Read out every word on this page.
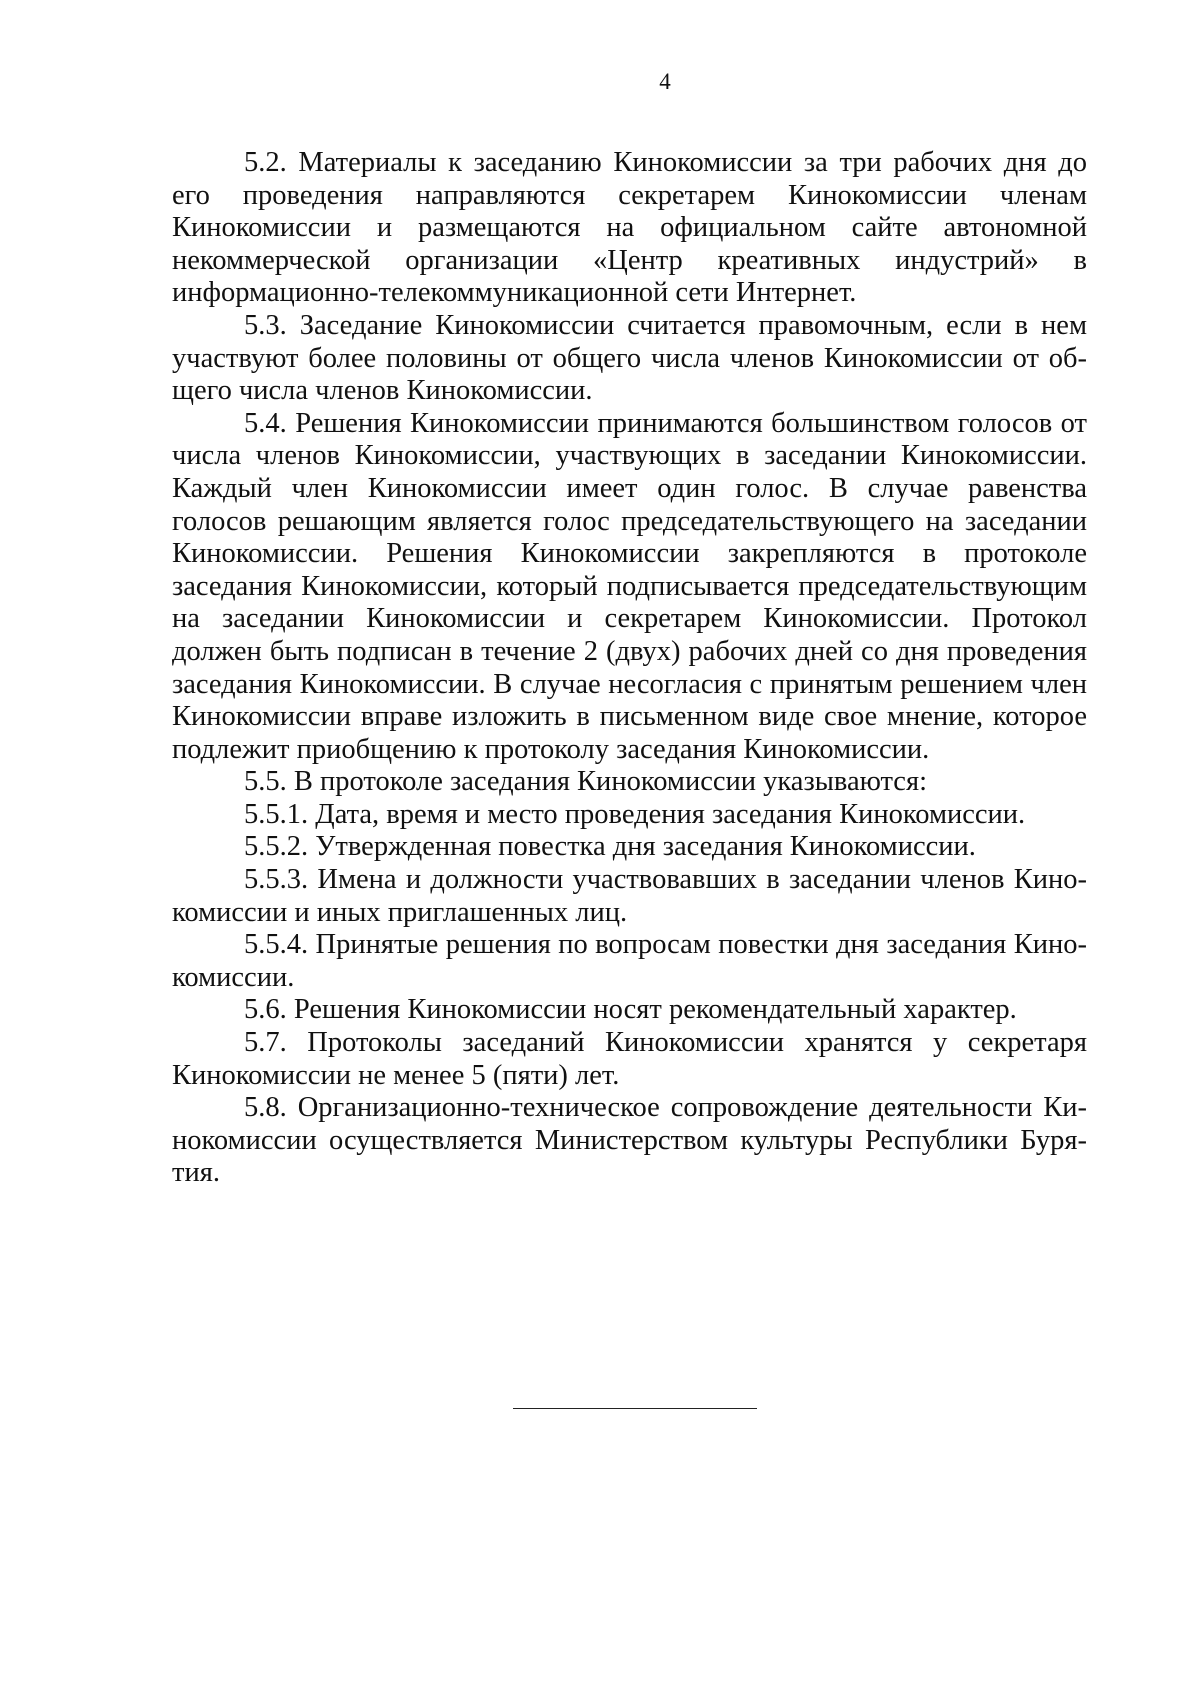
4

5.2. Материалы к заседанию Кинокомиссии за три рабочих дня до его проведения направляются секретарем Кинокомиссии членам Кинокомиссии и размещаются на официальном сайте автономной некоммерческой организации «Центр креативных индустрий» в информационно-телекоммуникационной сети Интернет.

5.3. Заседание Кинокомиссии считается правомочным, если в нем участвуют более половины от общего числа членов Кинокомиссии от общего числа членов Кинокомиссии.

5.4. Решения Кинокомиссии принимаются большинством голосов от числа членов Кинокомиссии, участвующих в заседании Кинокомиссии. Каждый член Кинокомиссии имеет один голос. В случае равенства голосов решающим является голос председательствующего на заседании Кинокомиссии. Решения Кинокомиссии закрепляются в протоколе заседания Кинокомиссии, который подписывается председательствующим на заседании Кинокомиссии и секретарем Кинокомиссии. Протокол должен быть подписан в течение 2 (двух) рабочих дней со дня проведения заседания Кинокомиссии. В случае несогласия с принятым решением член Кинокомиссии вправе изложить в письменном виде свое мнение, которое подлежит приобщению к протоколу заседания Кинокомиссии.

5.5. В протоколе заседания Кинокомиссии указываются:

5.5.1. Дата, время и место проведения заседания Кинокомиссии.

5.5.2. Утвержденная повестка дня заседания Кинокомиссии.

5.5.3. Имена и должности участвовавших в заседании членов Кинокомиссии и иных приглашенных лиц.

5.5.4. Принятые решения по вопросам повестки дня заседания Кинокомиссии.

5.6. Решения Кинокомиссии носят рекомендательный характер.

5.7. Протоколы заседаний Кинокомиссии хранятся у секретаря Кинокомиссии не менее 5 (пяти) лет.

5.8. Организационно-техническое сопровождение деятельности Кинокомиссии осуществляется Министерством культуры Республики Бурятия.
